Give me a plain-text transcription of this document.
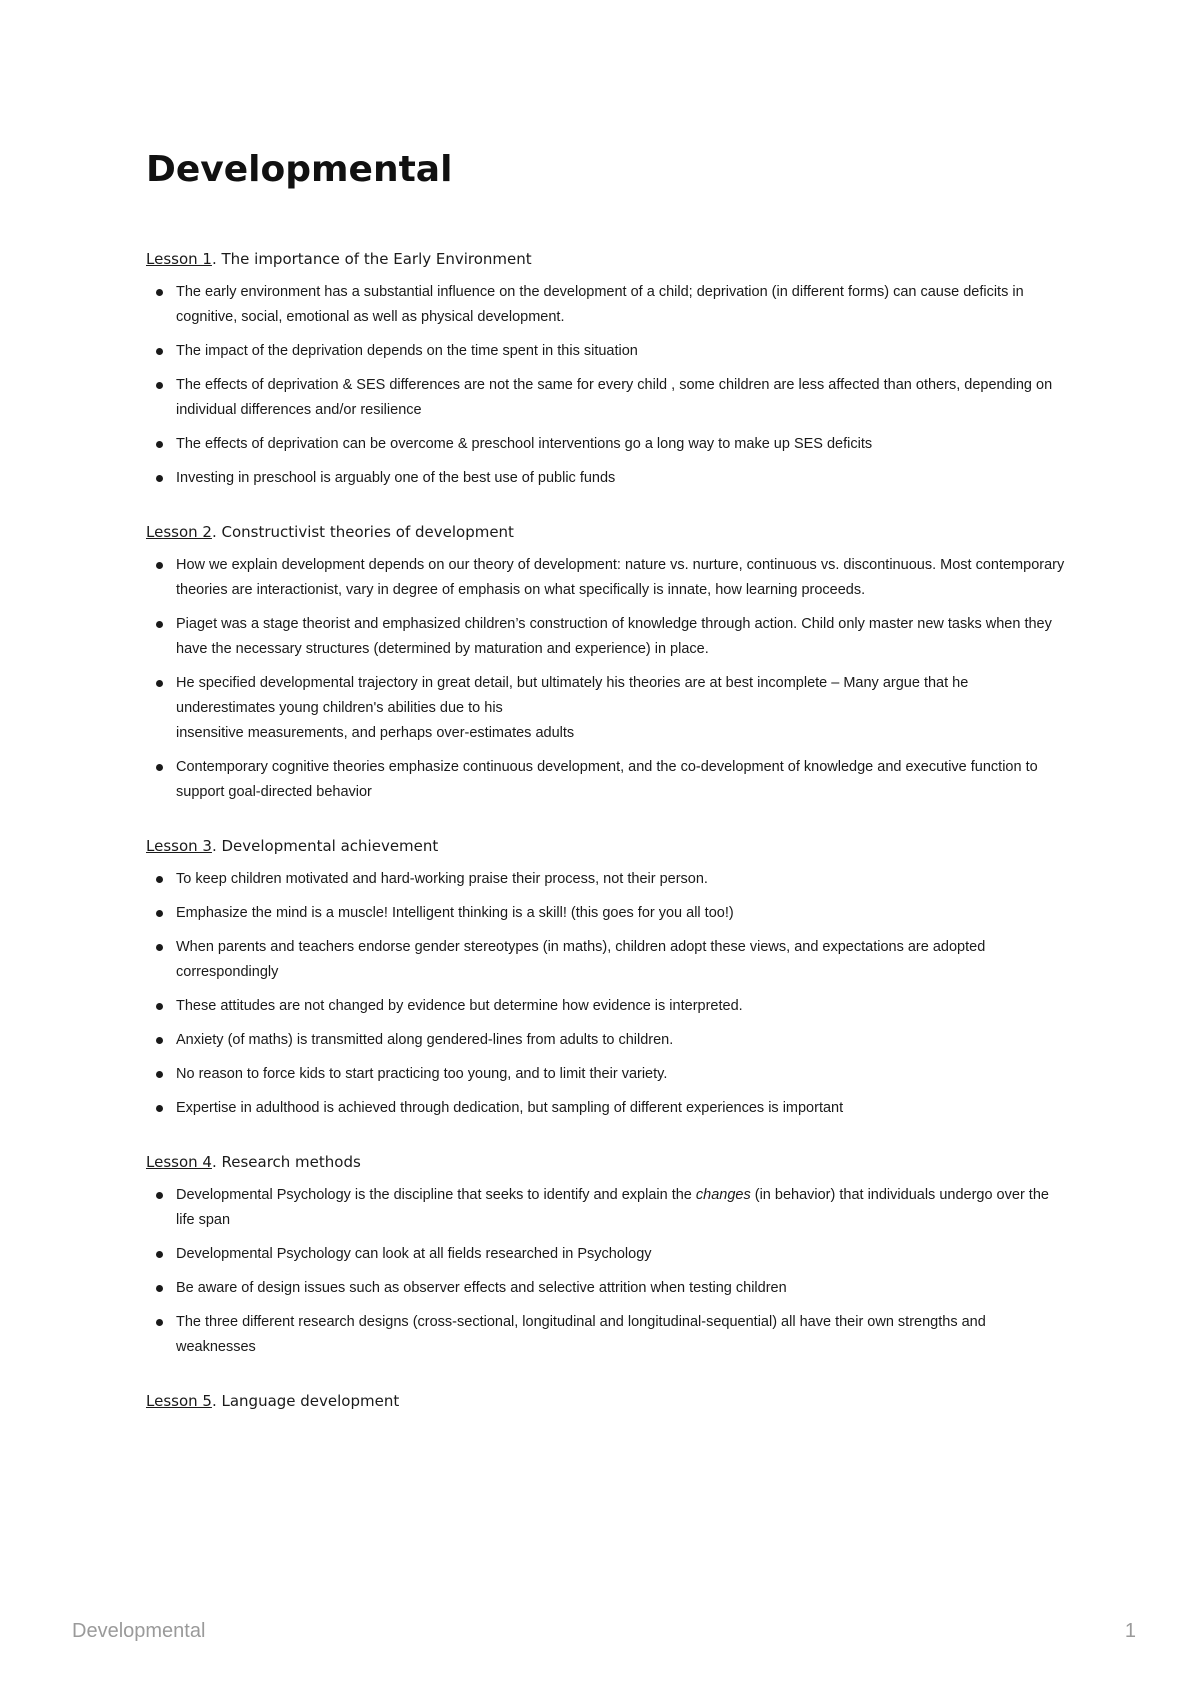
Developmental
Lesson 1. The importance of the Early Environment
The early environment has a substantial influence on the development of a child; deprivation (in different forms) can cause deficits in cognitive, social, emotional as well as physical development.
The impact of the deprivation depends on the time spent in this situation
The effects of deprivation & SES differences are not the same for every child , some children are less affected than others, depending on individual differences and/or resilience
The effects of deprivation can be overcome & preschool interventions go a long way to make up SES deficits
Investing in preschool is arguably one of the best use of public funds
Lesson 2. Constructivist theories of development
How we explain development depends on our theory of development: nature vs. nurture, continuous vs. discontinuous. Most contemporary theories are interactionist, vary in degree of emphasis on what specifically is innate, how learning proceeds.
Piaget was a stage theorist and emphasized children’s construction of knowledge through action. Child only master new tasks when they have the necessary structures (determined by maturation and experience) in place.
He specified developmental trajectory in great detail, but ultimately his theories are at best incomplete – Many argue that he underestimates young children's abilities due to his
insensitive measurements, and perhaps over-estimates adults
Contemporary cognitive theories emphasize continuous development, and the co-development of knowledge and executive function to support goal-directed behavior
Lesson 3. Developmental achievement
To keep children motivated and hard-working praise their process, not their person.
Emphasize the mind is a muscle! Intelligent thinking is a skill! (this goes for you all too!)
When parents and teachers endorse gender stereotypes (in maths), children adopt these views, and expectations are adopted correspondingly
These attitudes are not changed by evidence but determine how evidence is interpreted.
Anxiety (of maths) is transmitted along gendered-lines from adults to children.
No reason to force kids to start practicing too young, and to limit their variety.
Expertise in adulthood is achieved through dedication, but sampling of different experiences is important
Lesson 4. Research methods
Developmental Psychology is the discipline that seeks to identify and explain the changes (in behavior) that individuals undergo over the life span
Developmental Psychology can look at all fields researched in Psychology
Be aware of design issues such as observer effects and selective attrition when testing children
The three different research designs (cross-sectional, longitudinal and longitudinal-sequential) all have their own strengths and weaknesses
Lesson 5. Language development
Developmental	1
